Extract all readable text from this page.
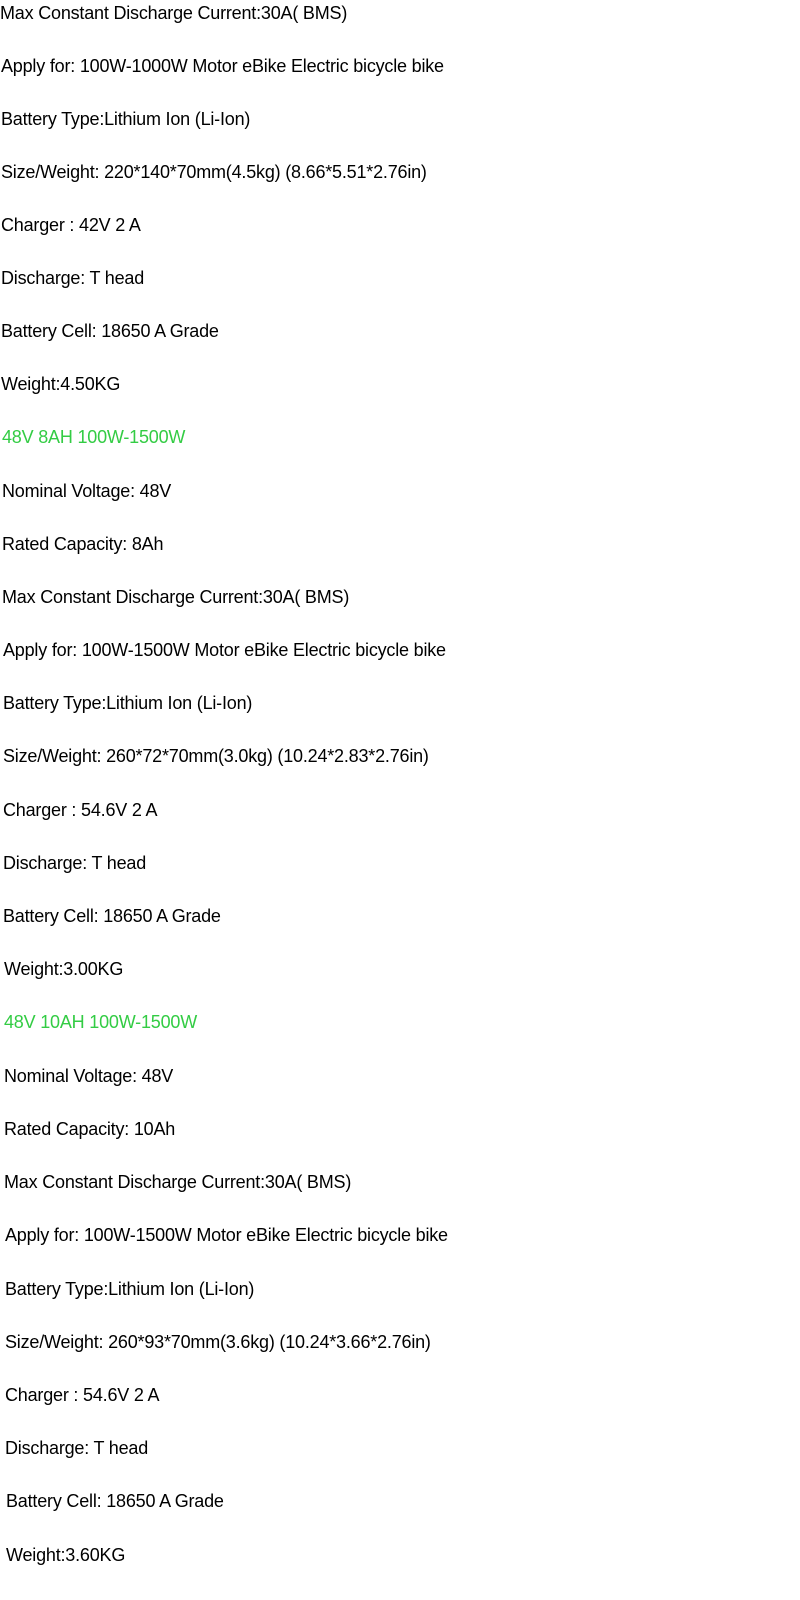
Max Constant Discharge Current:30A( BMS)
Apply for: 100W-1000W Motor eBike Electric bicycle bike
Battery Type:Lithium Ion (Li-Ion)
Size/Weight: 220*140*70mm(4.5kg) (8.66*5.51*2.76in)
Charger : 42V 2 A
Discharge: T head
Battery Cell: 18650 A Grade
Weight:4.50KG
48V 8AH 100W-1500W
Nominal Voltage: 48V
Rated Capacity: 8Ah
Max Constant Discharge Current:30A( BMS)
Apply for: 100W-1500W Motor eBike Electric bicycle bike
Battery Type:Lithium Ion (Li-Ion)
Size/Weight: 260*72*70mm(3.0kg) (10.24*2.83*2.76in)
Charger : 54.6V 2 A
Discharge: T head
Battery Cell: 18650 A Grade
Weight:3.00KG
48V 10AH 100W-1500W
Nominal Voltage: 48V
Rated Capacity: 10Ah
Max Constant Discharge Current:30A( BMS)
Apply for: 100W-1500W Motor eBike Electric bicycle bike
Battery Type:Lithium Ion (Li-Ion)
Size/Weight: 260*93*70mm(3.6kg) (10.24*3.66*2.76in)
Charger : 54.6V 2 A
Discharge: T head
Battery Cell: 18650 A Grade
Weight:3.60KG
